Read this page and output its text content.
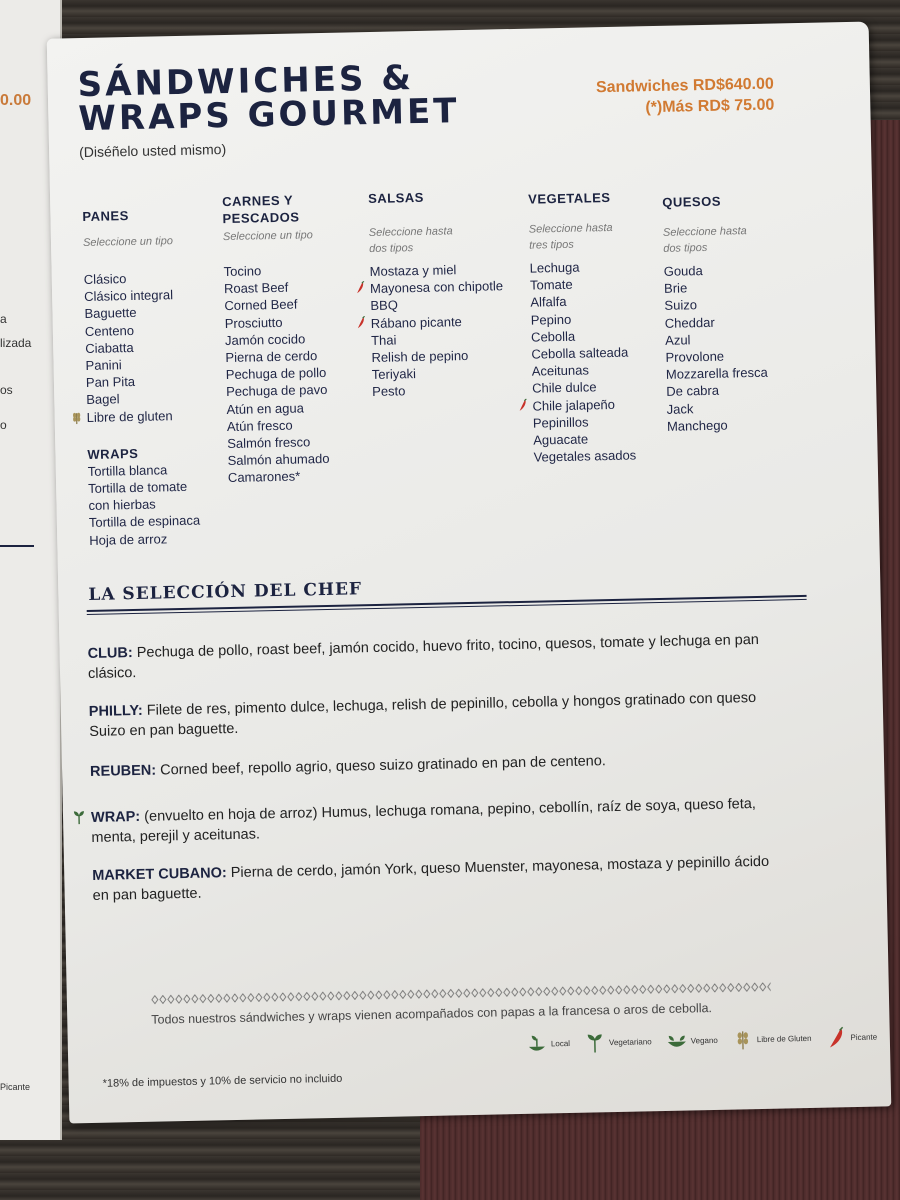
0.00
a
lizada
os
o
Picante
SÁNDWICHES &
WRAPS GOURMET
(Diséñelo usted mismo)
Sandwiches RD$640.00
(*)Más RD$ 75.00
PANES
Seleccione un tipo
Clásico
Clásico integral
Baguette
Centeno
Ciabatta
Panini
Pan Pita
Bagel
Libre de gluten
WRAPS
Tortilla blanca
Tortilla de tomate
con hierbas
Tortilla de espinaca
Hoja de arroz
CARNES Y
PESCADOS
Seleccione un tipo
Tocino
Roast Beef
Corned Beef
Prosciutto
Jamón cocido
Pierna de cerdo
Pechuga de pollo
Pechuga de pavo
Atún en agua
Atún fresco
Salmón fresco
Salmón ahumado
Camarones*
SALSAS
Seleccione hasta
dos tipos
Mostaza y miel
Mayonesa con chipotle
BBQ
Rábano picante
Thai
Relish de pepino
Teriyaki
Pesto
VEGETALES
Seleccione hasta
tres tipos
Lechuga
Tomate
Alfalfa
Pepino
Cebolla
Cebolla salteada
Aceitunas
Chile dulce
Chile jalapeño
Pepinillos
Aguacate
Vegetales asados
QUESOS
Seleccione hasta
dos tipos
Gouda
Brie
Suizo
Cheddar
Azul
Provolone
Mozzarella fresca
De cabra
Jack
Manchego
LA SELECCIÓN DEL CHEF
CLUB: Pechuga de pollo, roast beef, jamón cocido, huevo frito, tocino, quesos, tomate y lechuga en pan clásico.
PHILLY: Filete de res, pimento dulce, lechuga, relish de pepinillo, cebolla y hongos gratinado con queso Suizo en pan baguette.
REUBEN: Corned beef, repollo agrio, queso suizo gratinado en pan de centeno.
WRAP: (envuelto en hoja de arroz) Humus, lechuga romana, pepino, cebollín, raíz de soya, queso feta, menta, perejil y aceitunas.
MARKET CUBANO: Pierna de cerdo, jamón York, queso Muenster, mayonesa, mostaza y pepinillo ácido en pan baguette.
Todos nuestros sándwiches y wraps vienen acompañados con papas a la francesa o aros de cebolla.
*18% de impuestos y 10% de servicio no incluido
Local	Vegetariano	Vegano	Libre de Gluten	Picante
